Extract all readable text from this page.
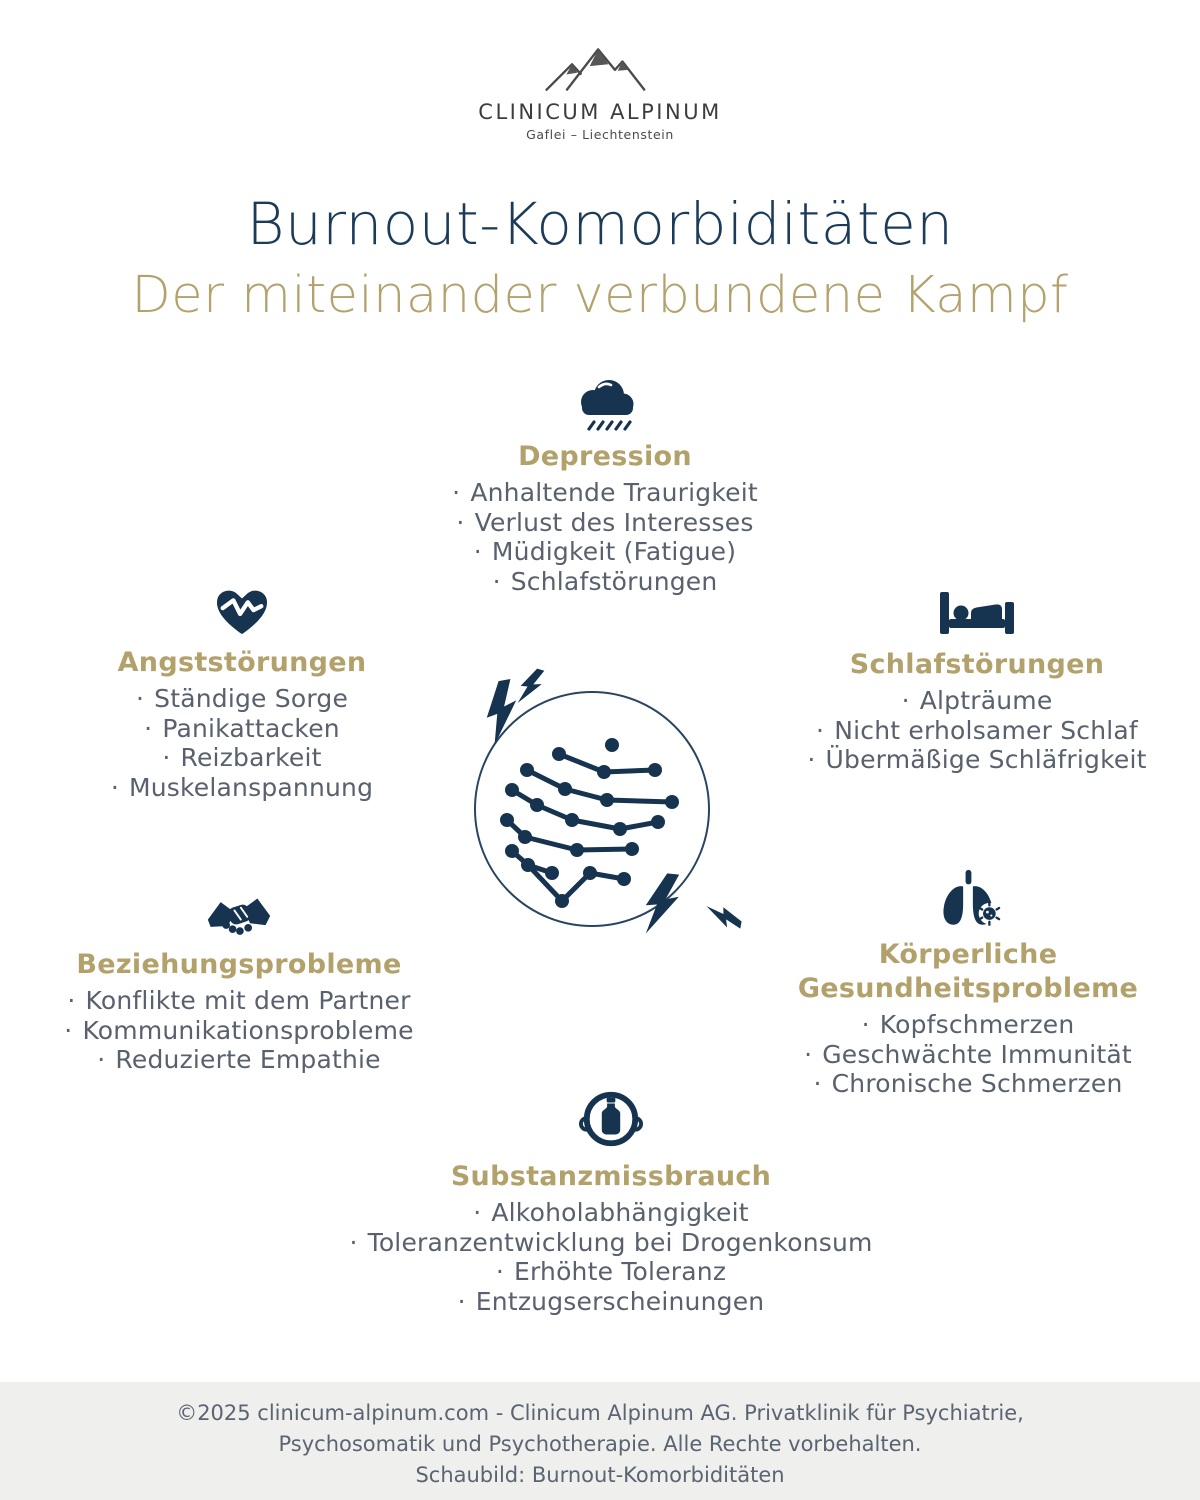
CLINICUM ALPINUM
Gaflei – Liechtenstein
Burnout-Komorbiditäten
Der miteinander verbundene Kampf
Depression
· Anhaltende Traurigkeit
· Verlust des Interesses
· Müdigkeit (Fatigue)
· Schlafstörungen
Angststörungen
· Ständige Sorge
· Panikattacken
· Reizbarkeit
· Muskelanspannung
Schlafstörungen
· Alpträume
· Nicht erholsamer Schlaf
· Übermäßige Schläfrigkeit
Beziehungsprobleme
· Konflikte mit dem Partner
· Kommunikationsprobleme
· Reduzierte Empathie
Körperliche Gesundheitsprobleme
· Kopfschmerzen
· Geschwächte Immunität
· Chronische Schmerzen
Substanzmissbrauch
· Alkoholabhängigkeit
· Toleranzentwicklung bei Drogenkonsum
· Erhöhte Toleranz
· Entzugserscheinungen
©2025 clinicum-alpinum.com - Clinicum Alpinum AG. Privatklinik für Psychiatrie,
Psychosomatik und Psychotherapie. Alle Rechte vorbehalten.
Schaubild: Burnout-Komorbiditäten
